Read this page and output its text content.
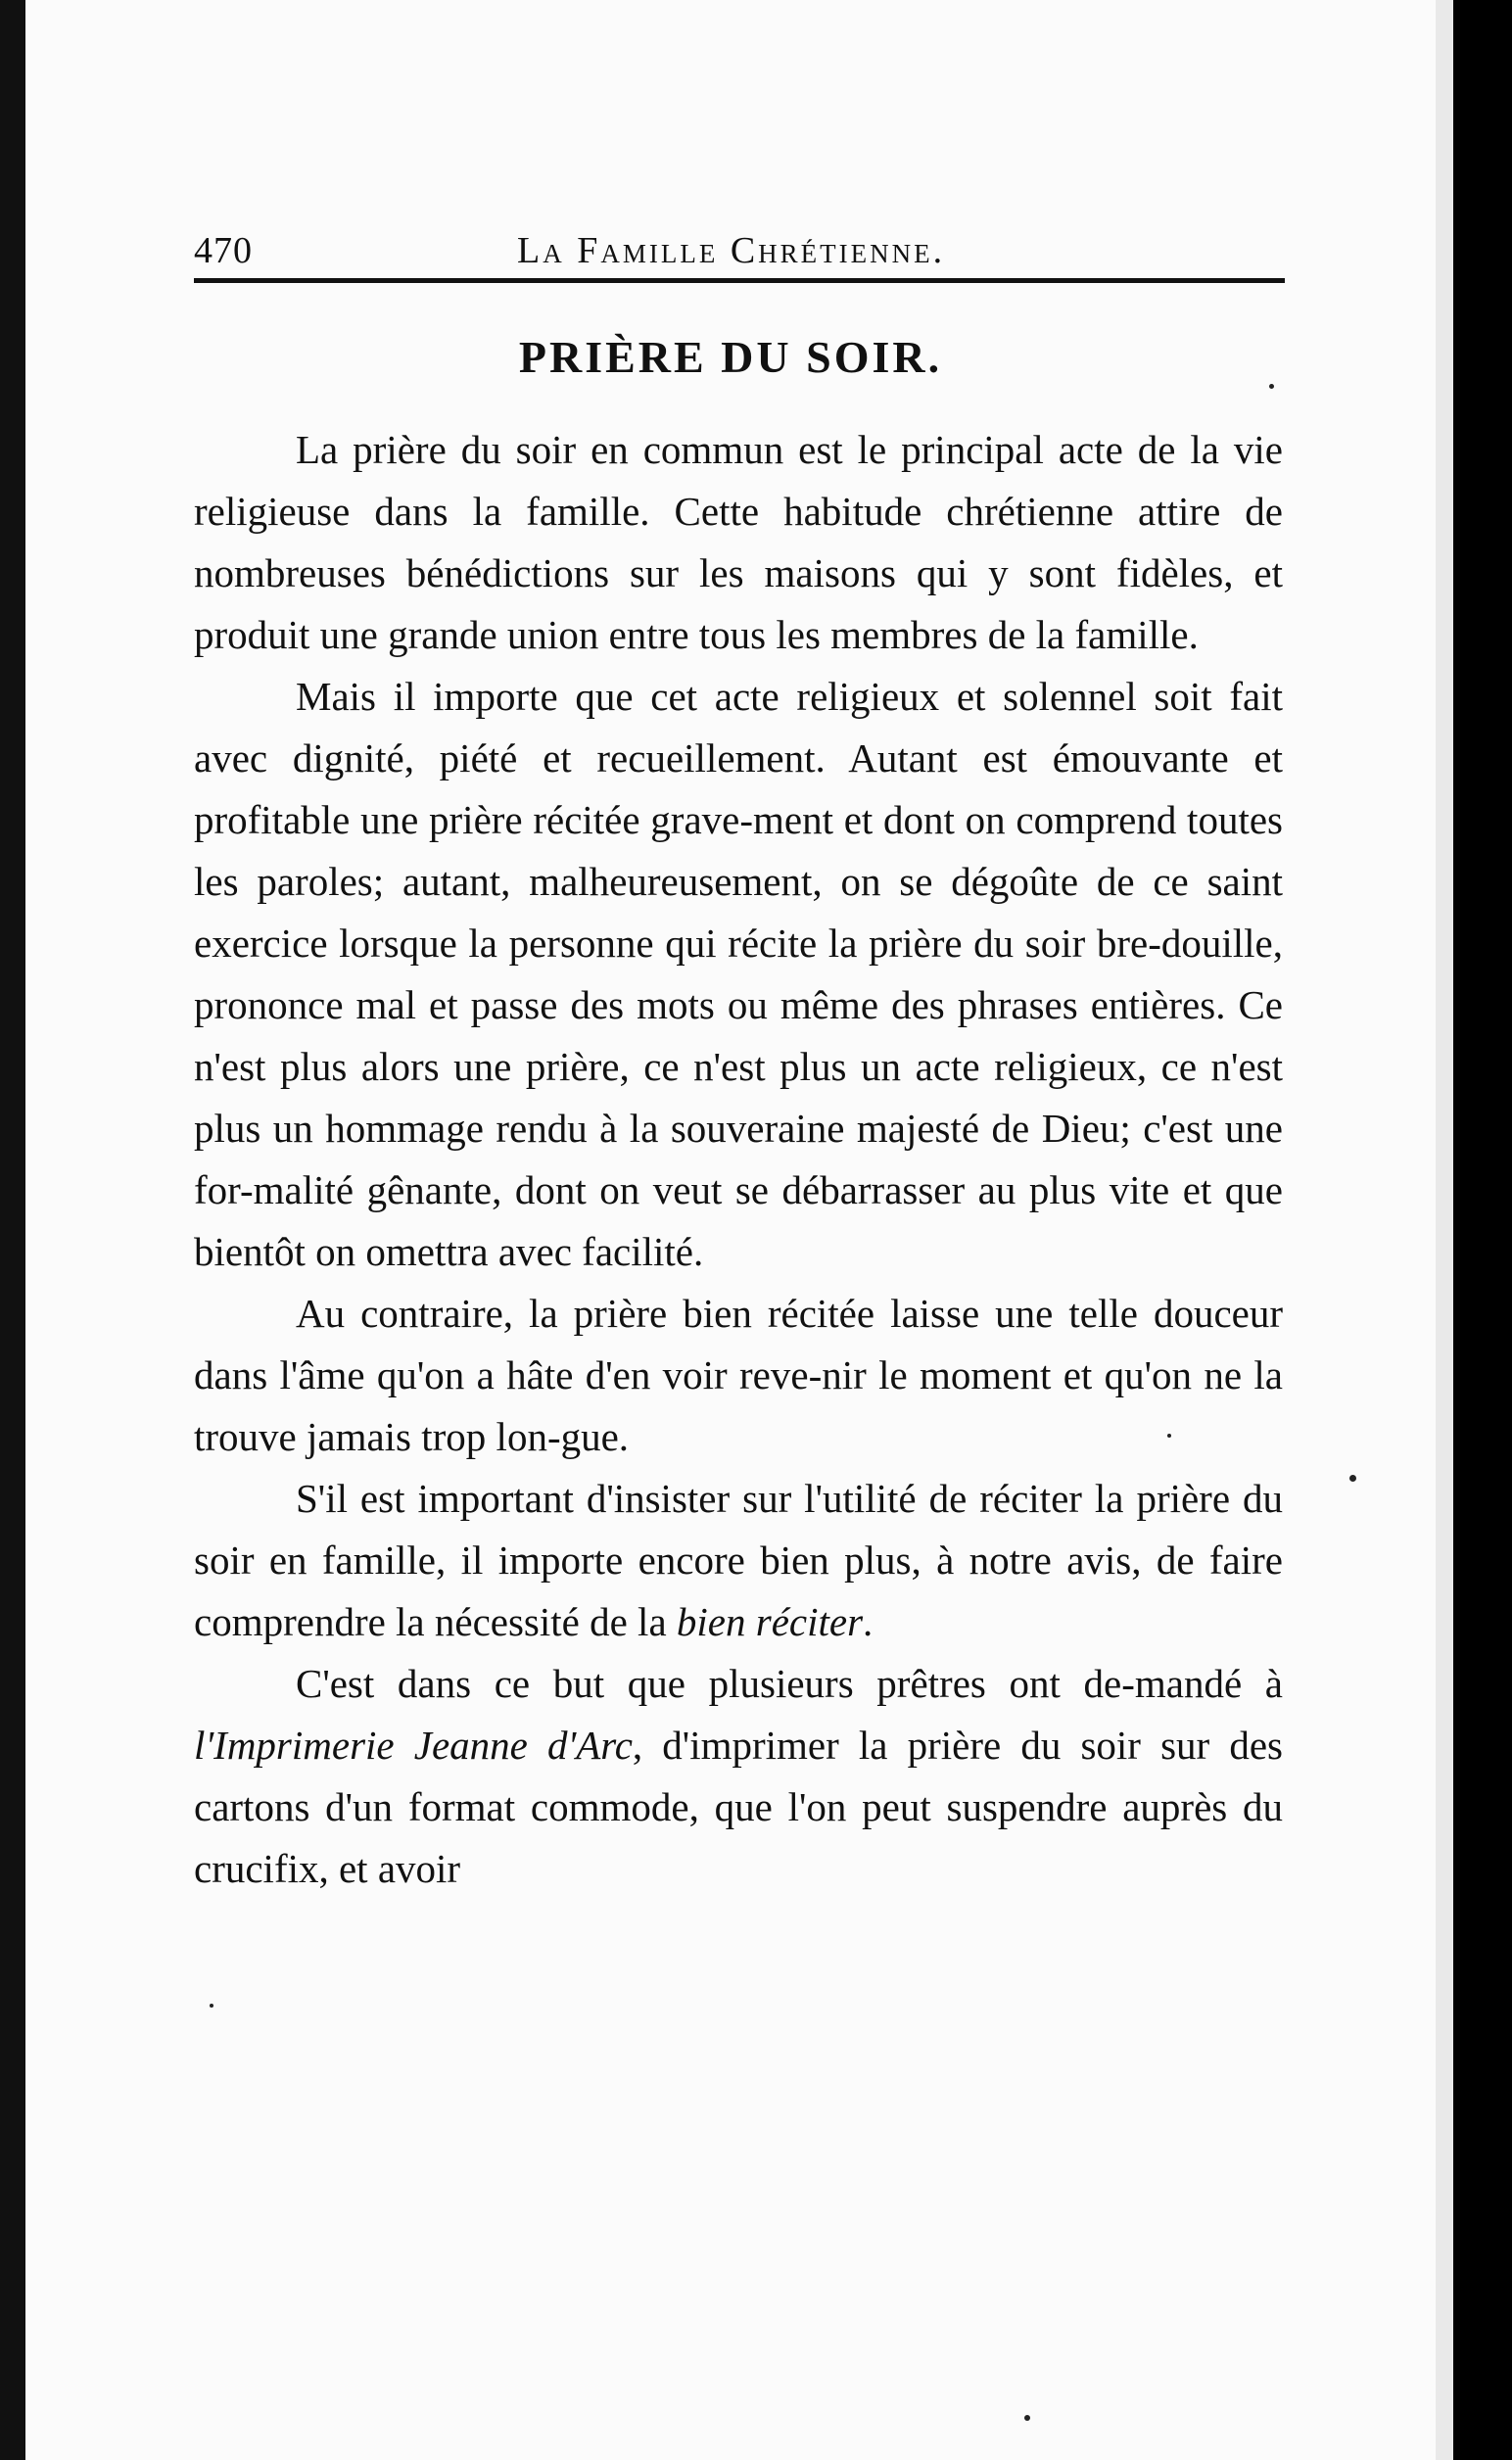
470	La Famille Chrétienne.
PRIÈRE DU SOIR.

La prière du soir en commun est le principal acte de la vie religieuse dans la famille. Cette habitude chrétienne attire de nombreuses bénédictions sur les maisons qui y sont fidèles, et produit une grande union entre tous les membres de la famille.

Mais il importe que cet acte religieux et solennel soit fait avec dignité, piété et recueillement. Autant est émouvante et profitable une prière récitée grave-ment et dont on comprend toutes les paroles; autant, malheureusement, on se dégoûte de ce saint exercice lorsque la personne qui récite la prière du soir bre-douille, prononce mal et passe des mots ou même des phrases entières. Ce n'est plus alors une prière, ce n'est plus un acte religieux, ce n'est plus un hommage rendu à la souveraine majesté de Dieu; c'est une for-malité gênante, dont on veut se débarrasser au plus vite et que bientôt on omettra avec facilité.

Au contraire, la prière bien récitée laisse une telle douceur dans l'âme qu'on a hâte d'en voir reve-nir le moment et qu'on ne la trouve jamais trop lon-gue.

S'il est important d'insister sur l'utilité de réciter la prière du soir en famille, il importe encore bien plus, à notre avis, de faire comprendre la nécessité de la bien réciter.

C'est dans ce but que plusieurs prêtres ont de-mandé à l'Imprimerie Jeanne d'Arc, d'imprimer la prière du soir sur des cartons d'un format commode, que l'on peut suspendre auprès du crucifix, et avoir
